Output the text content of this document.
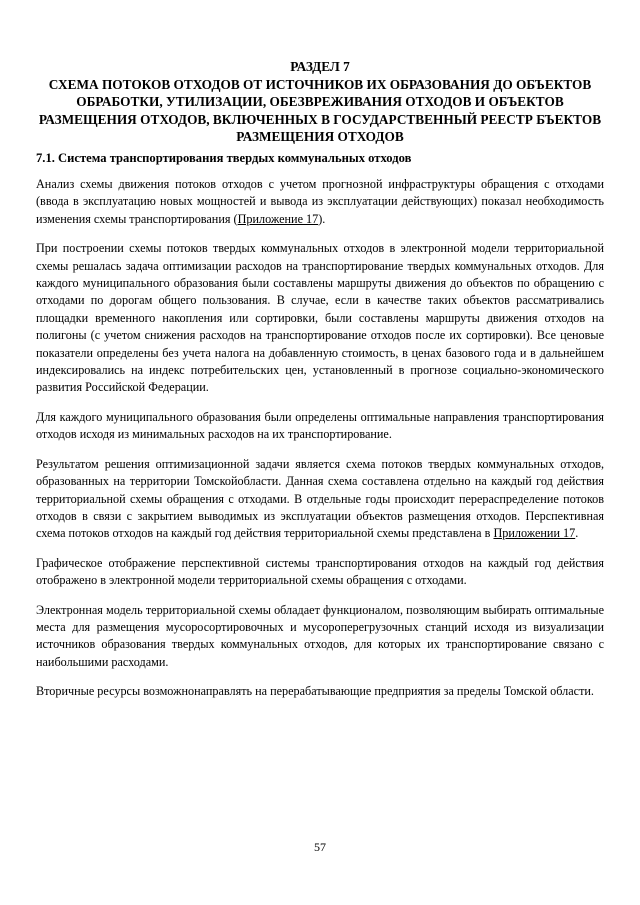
РАЗДЕЛ 7
СХЕМА ПОТОКОВ ОТХОДОВ ОТ ИСТОЧНИКОВ ИХ ОБРАЗОВАНИЯ ДО ОБЪЕКТОВ
ОБРАБОТКИ, УТИЛИЗАЦИИ, ОБЕЗВРЕЖИВАНИЯ ОТХОДОВ И ОБЪЕКТОВ
РАЗМЕЩЕНИЯ ОТХОДОВ, ВКЛЮЧЕННЫХ В ГОСУДАРСТВЕННЫЙ РЕЕСТР БЪЕКТОВ
РАЗМЕЩЕНИЯ ОТХОДОВ
7.1. Система транспортирования твердых коммунальных отходов

Анализ схемы движения потоков отходов с учетом прогнозной инфраструктуры обращения с отходами (ввода в эксплуатацию новых мощностей и вывода из эксплуатации действующих) показал необходимость изменения схемы транспортирования (Приложение 17).

При построении схемы потоков твердых коммунальных отходов в электронной модели территориальной схемы решалась задача оптимизации расходов на транспортирование твердых коммунальных отходов. Для каждого муниципального образования были составлены маршруты движения до объектов по обращению с отходами по дорогам общего пользования. В случае, если в качестве таких объектов рассматривались площадки временного накопления или сортировки, были составлены маршруты движения отходов на полигоны (с учетом снижения расходов на транспортирование отходов после их сортировки). Все ценовые показатели определены без учета налога на добавленную стоимость, в ценах базового года и в дальнейшем индексировались на индекс потребительских цен, установленный в прогнозе социально-экономического развития Российской Федерации.

Для каждого муниципального образования были определены оптимальные направления транспортирования отходов исходя из минимальных расходов на их транспортирование.

Результатом решения оптимизационной задачи является схема потоков твердых коммунальных отходов, образованных на территории Томскойобласти. Данная схема составлена отдельно на каждый год действия территориальной схемы обращения с отходами. В отдельные годы происходит перераспределение потоков отходов в связи с закрытием выводимых из эксплуатации объектов размещения отходов. Перспективная схема потоков отходов на каждый год действия территориальной схемы представлена в Приложении 17.

Графическое отображение перспективной системы транспортирования отходов на каждый год действия отображено в электронной модели территориальной схемы обращения с отходами.

Электронная модель территориальной схемы обладает функционалом, позволяющим выбирать оптимальные места для размещения мусоросортировочных и мусороперегрузочных станций исходя из визуализации источников образования твердых коммунальных отходов, для которых их транспортирование связано с наибольшими расходами.

Вторичные ресурсы возможнонаправлять на перерабатывающие предприятия за пределы Томской области.

57
